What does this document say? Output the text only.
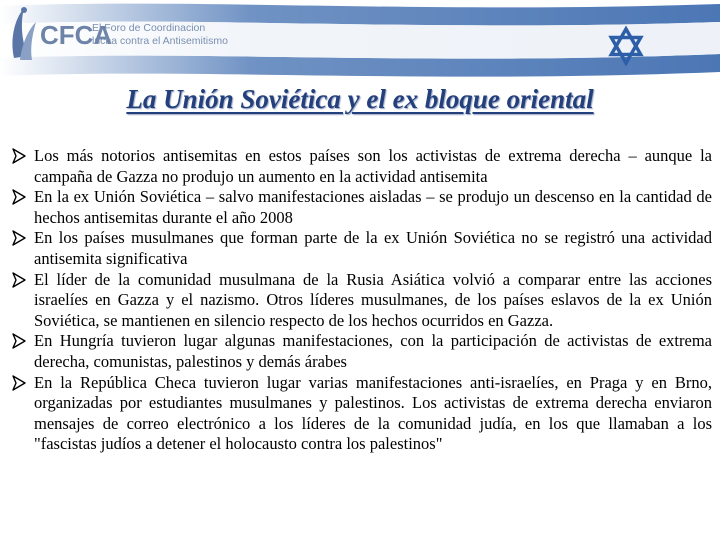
CFCA
El Foro de Coordinacion
lucha contra el Antisemitismo
La Unión Soviética y el ex bloque oriental
Los más notorios antisemitas en estos países son los activistas de extrema derecha – aunque la campaña de Gazza no produjo un aumento en la actividad antisemita
En la ex Unión Soviética – salvo manifestaciones aisladas – se produjo un descenso en la cantidad de hechos antisemitas durante el año 2008
En los países musulmanes que forman parte de la ex Unión Soviética no se registró una actividad antisemita significativa
El líder de la comunidad musulmana de la Rusia Asiática volvió a comparar entre las acciones israelíes en Gazza y el nazismo. Otros líderes musulmanes, de los países eslavos de la ex Unión Soviética, se mantienen en silencio respecto de los hechos ocurridos en Gazza.
En Hungría tuvieron lugar algunas manifestaciones, con la participación de activistas de extrema derecha, comunistas, palestinos y demás árabes
En la República Checa tuvieron lugar varias manifestaciones anti-israelíes, en Praga y en Brno, organizadas por estudiantes musulmanes y palestinos. Los activistas de extrema derecha enviaron mensajes de correo electrónico a los líderes de la comunidad judía, en los que llamaban a los "fascistas judíos a detener el holocausto contra los palestinos"
